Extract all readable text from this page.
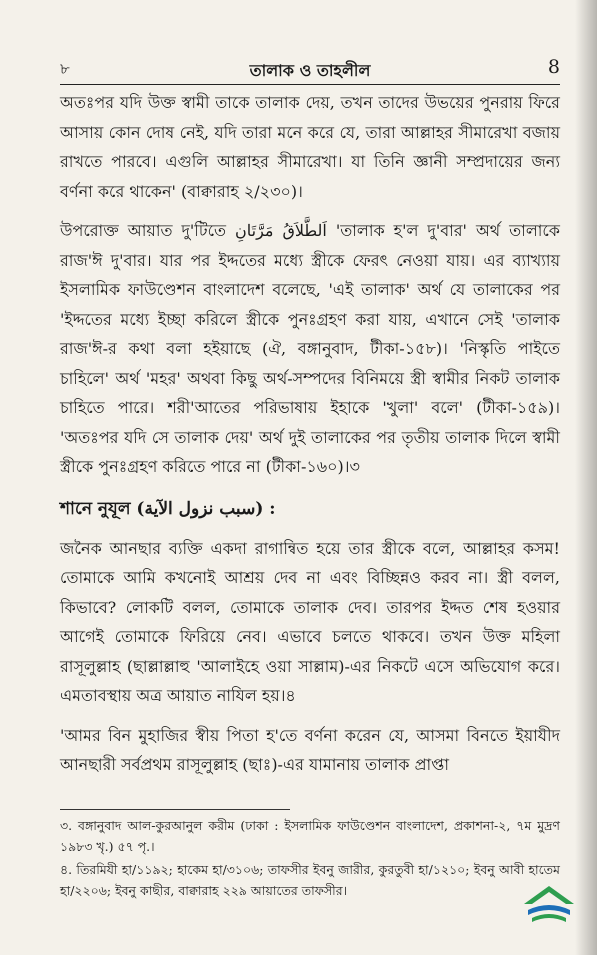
৮	তালাক ও তাহলীল	8

অতঃপর যদি উক্ত স্বামী তাকে তালাক দেয়, তখন তাদের উভয়ের পুনরায় ফিরে আসায় কোন দোষ নেই, যদি তারা মনে করে যে, তারা আল্লাহর সীমারেখা বজায় রাখতে পারবে। এগুলি আল্লাহর সীমারেখা। যা তিনি জ্ঞানী সম্প্রদায়ের জন্য বর্ণনা করে থাকেন' (বাক্বারাহ ২/২৩০)।

উপরোক্ত আয়াত দু'টিতে اَلطَّلاَقُ مَرَّتَانِ 'তালাক হ'ল দু'বার' অর্থ তালাকে রাজ'ঈ দু'বার। যার পর ইদ্দতের মধ্যে স্ত্রীকে ফেরৎ নেওয়া যায়। এর ব্যাখ্যায় ইসলামিক ফাউণ্ডেশন বাংলাদেশ বলেছে, 'এই তালাক' অর্থ যে তালাকের পর 'ইদ্দতের মধ্যে ইচ্ছা করিলে স্ত্রীকে পুনঃগ্রহণ করা যায়, এখানে সেই 'তালাক রাজ'ঈ-র কথা বলা হইয়াছে (ঐ, বঙ্গানুবাদ, টীকা-১৫৮)। 'নিস্কৃতি পাইতে চাহিলে' অর্থ 'মহর' অথবা কিছু অর্থ-সম্পদের বিনিময়ে স্ত্রী স্বামীর নিকট তালাক চাহিতে পারে। শরী'আতের পরিভাষায় ইহাকে 'খুলা' বলে' (টীকা-১৫৯)। 'অতঃপর যদি সে তালাক দেয়' অর্থ দুই তালাকের পর তৃতীয় তালাক দিলে স্বামী স্ত্রীকে পুনঃগ্রহণ করিতে পারে না (টীকা-১৬০)।৩

শানে নুযূল (سبب نزول الآية) :

জনৈক আনছার ব্যক্তি একদা রাগান্বিত হয়ে তার স্ত্রীকে বলে, আল্লাহর কসম! তোমাকে আমি কখনোই আশ্রয় দেব না এবং বিচ্ছিন্নও করব না। স্ত্রী বলল, কিভাবে? লোকটি বলল, তোমাকে তালাক দেব। তারপর ইদ্দত শেষ হওয়ার আগেই তোমাকে ফিরিয়ে নেব। এভাবে চলতে থাকবে। তখন উক্ত মহিলা রাসূলুল্লাহ (ছাল্লাল্লাহু 'আলাইহে ওয়া সাল্লাম)-এর নিকটে এসে অভিযোগ করে। এমতাবস্থায় অত্র আয়াত নাযিল হয়।৪

'আমর বিন মুহাজির স্বীয় পিতা হ'তে বর্ণনা করেন যে, আসমা বিনতে ইয়াযীদ আনছারী সর্বপ্রথম রাসূলুল্লাহ (ছাঃ)-এর যামানায় তালাক প্রাপ্তা

৩. বঙ্গানুবাদ আল-কুরআনুল করীম (ঢাকা : ইসলামিক ফাউণ্ডেশন বাংলাদেশ, প্রকাশনা-২, ৭ম মুদ্রণ ১৯৮৩ খৃ.) ৫৭ পৃ.।

৪. তিরমিযী হা/১১৯২; হাকেম হা/৩১০৬; তাফসীর ইবনু জারীর, কুরতুবী হা/১২১০; ইবনু আবী হাতেম হা/২২০৬; ইবনু কাছীর, বাক্বারাহ ২২৯ আয়াতের তাফসীর।
